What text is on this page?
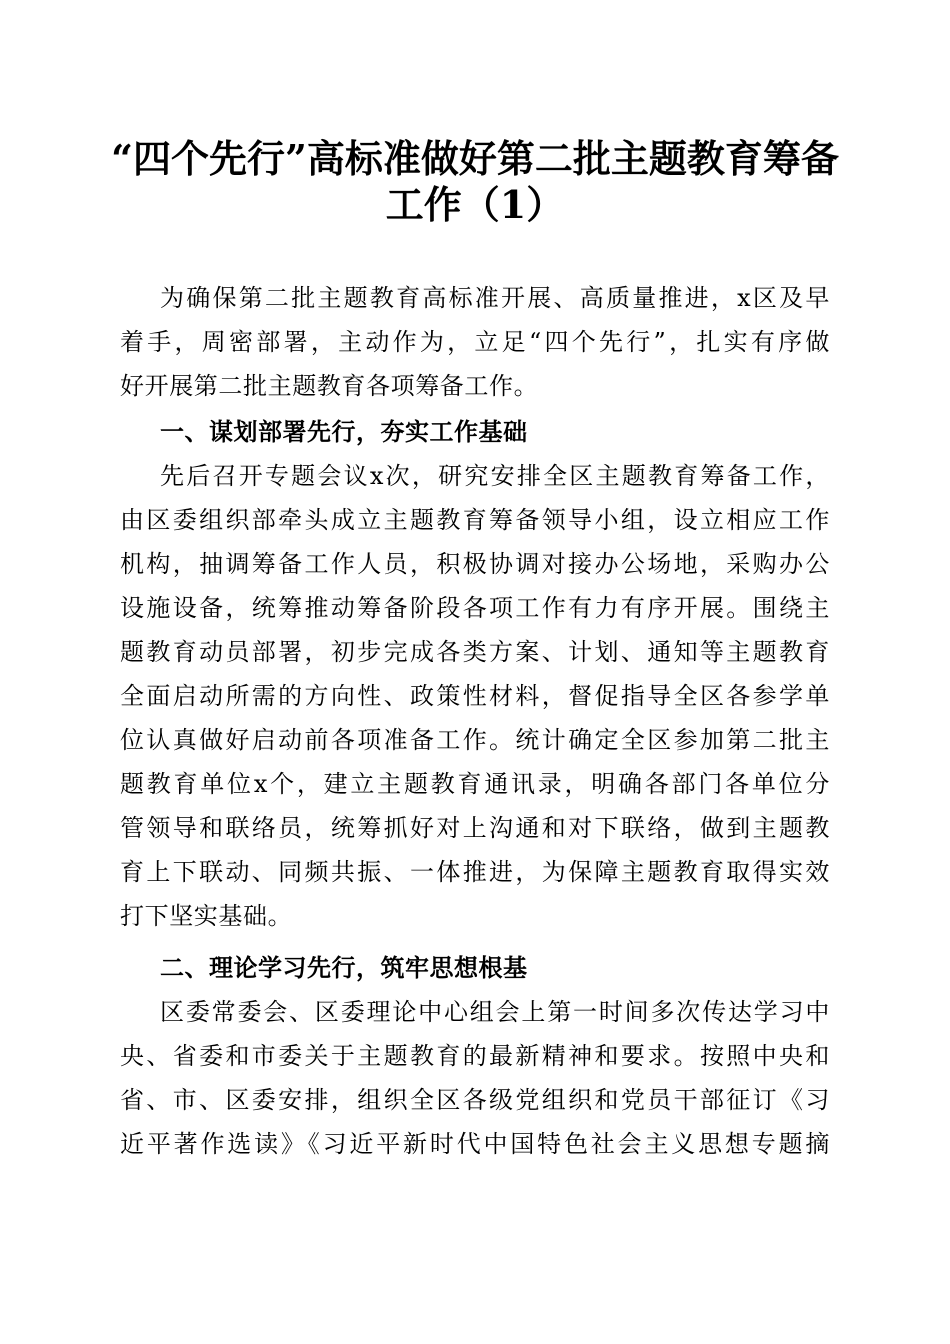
“四个先行”高标准做好第二批主题教育筹备
工作（1）
为确保第二批主题教育高标准开展、高质量推进，x区及早
着手，周密部署，主动作为，立足“四个先行”，扎实有序做
好开展第二批主题教育各项筹备工作。
一、谋划部署先行，夯实工作基础
先后召开专题会议x次，研究安排全区主题教育筹备工作，
由区委组织部牵头成立主题教育筹备领导小组，设立相应工作
机构，抽调筹备工作人员，积极协调对接办公场地，采购办公
设施设备，统筹推动筹备阶段各项工作有力有序开展。围绕主
题教育动员部署，初步完成各类方案、计划、通知等主题教育
全面启动所需的方向性、政策性材料，督促指导全区各参学单
位认真做好启动前各项准备工作。统计确定全区参加第二批主
题教育单位x个，建立主题教育通讯录，明确各部门各单位分
管领导和联络员，统筹抓好对上沟通和对下联络，做到主题教
育上下联动、同频共振、一体推进，为保障主题教育取得实效
打下坚实基础。
二、理论学习先行，筑牢思想根基
区委常委会、区委理论中心组会上第一时间多次传达学习中
央、省委和市委关于主题教育的最新精神和要求。按照中央和
省、市、区委安排，组织全区各级党组织和党员干部征订《习
近平著作选读》《习近平新时代中国特色社会主义思想专题摘
